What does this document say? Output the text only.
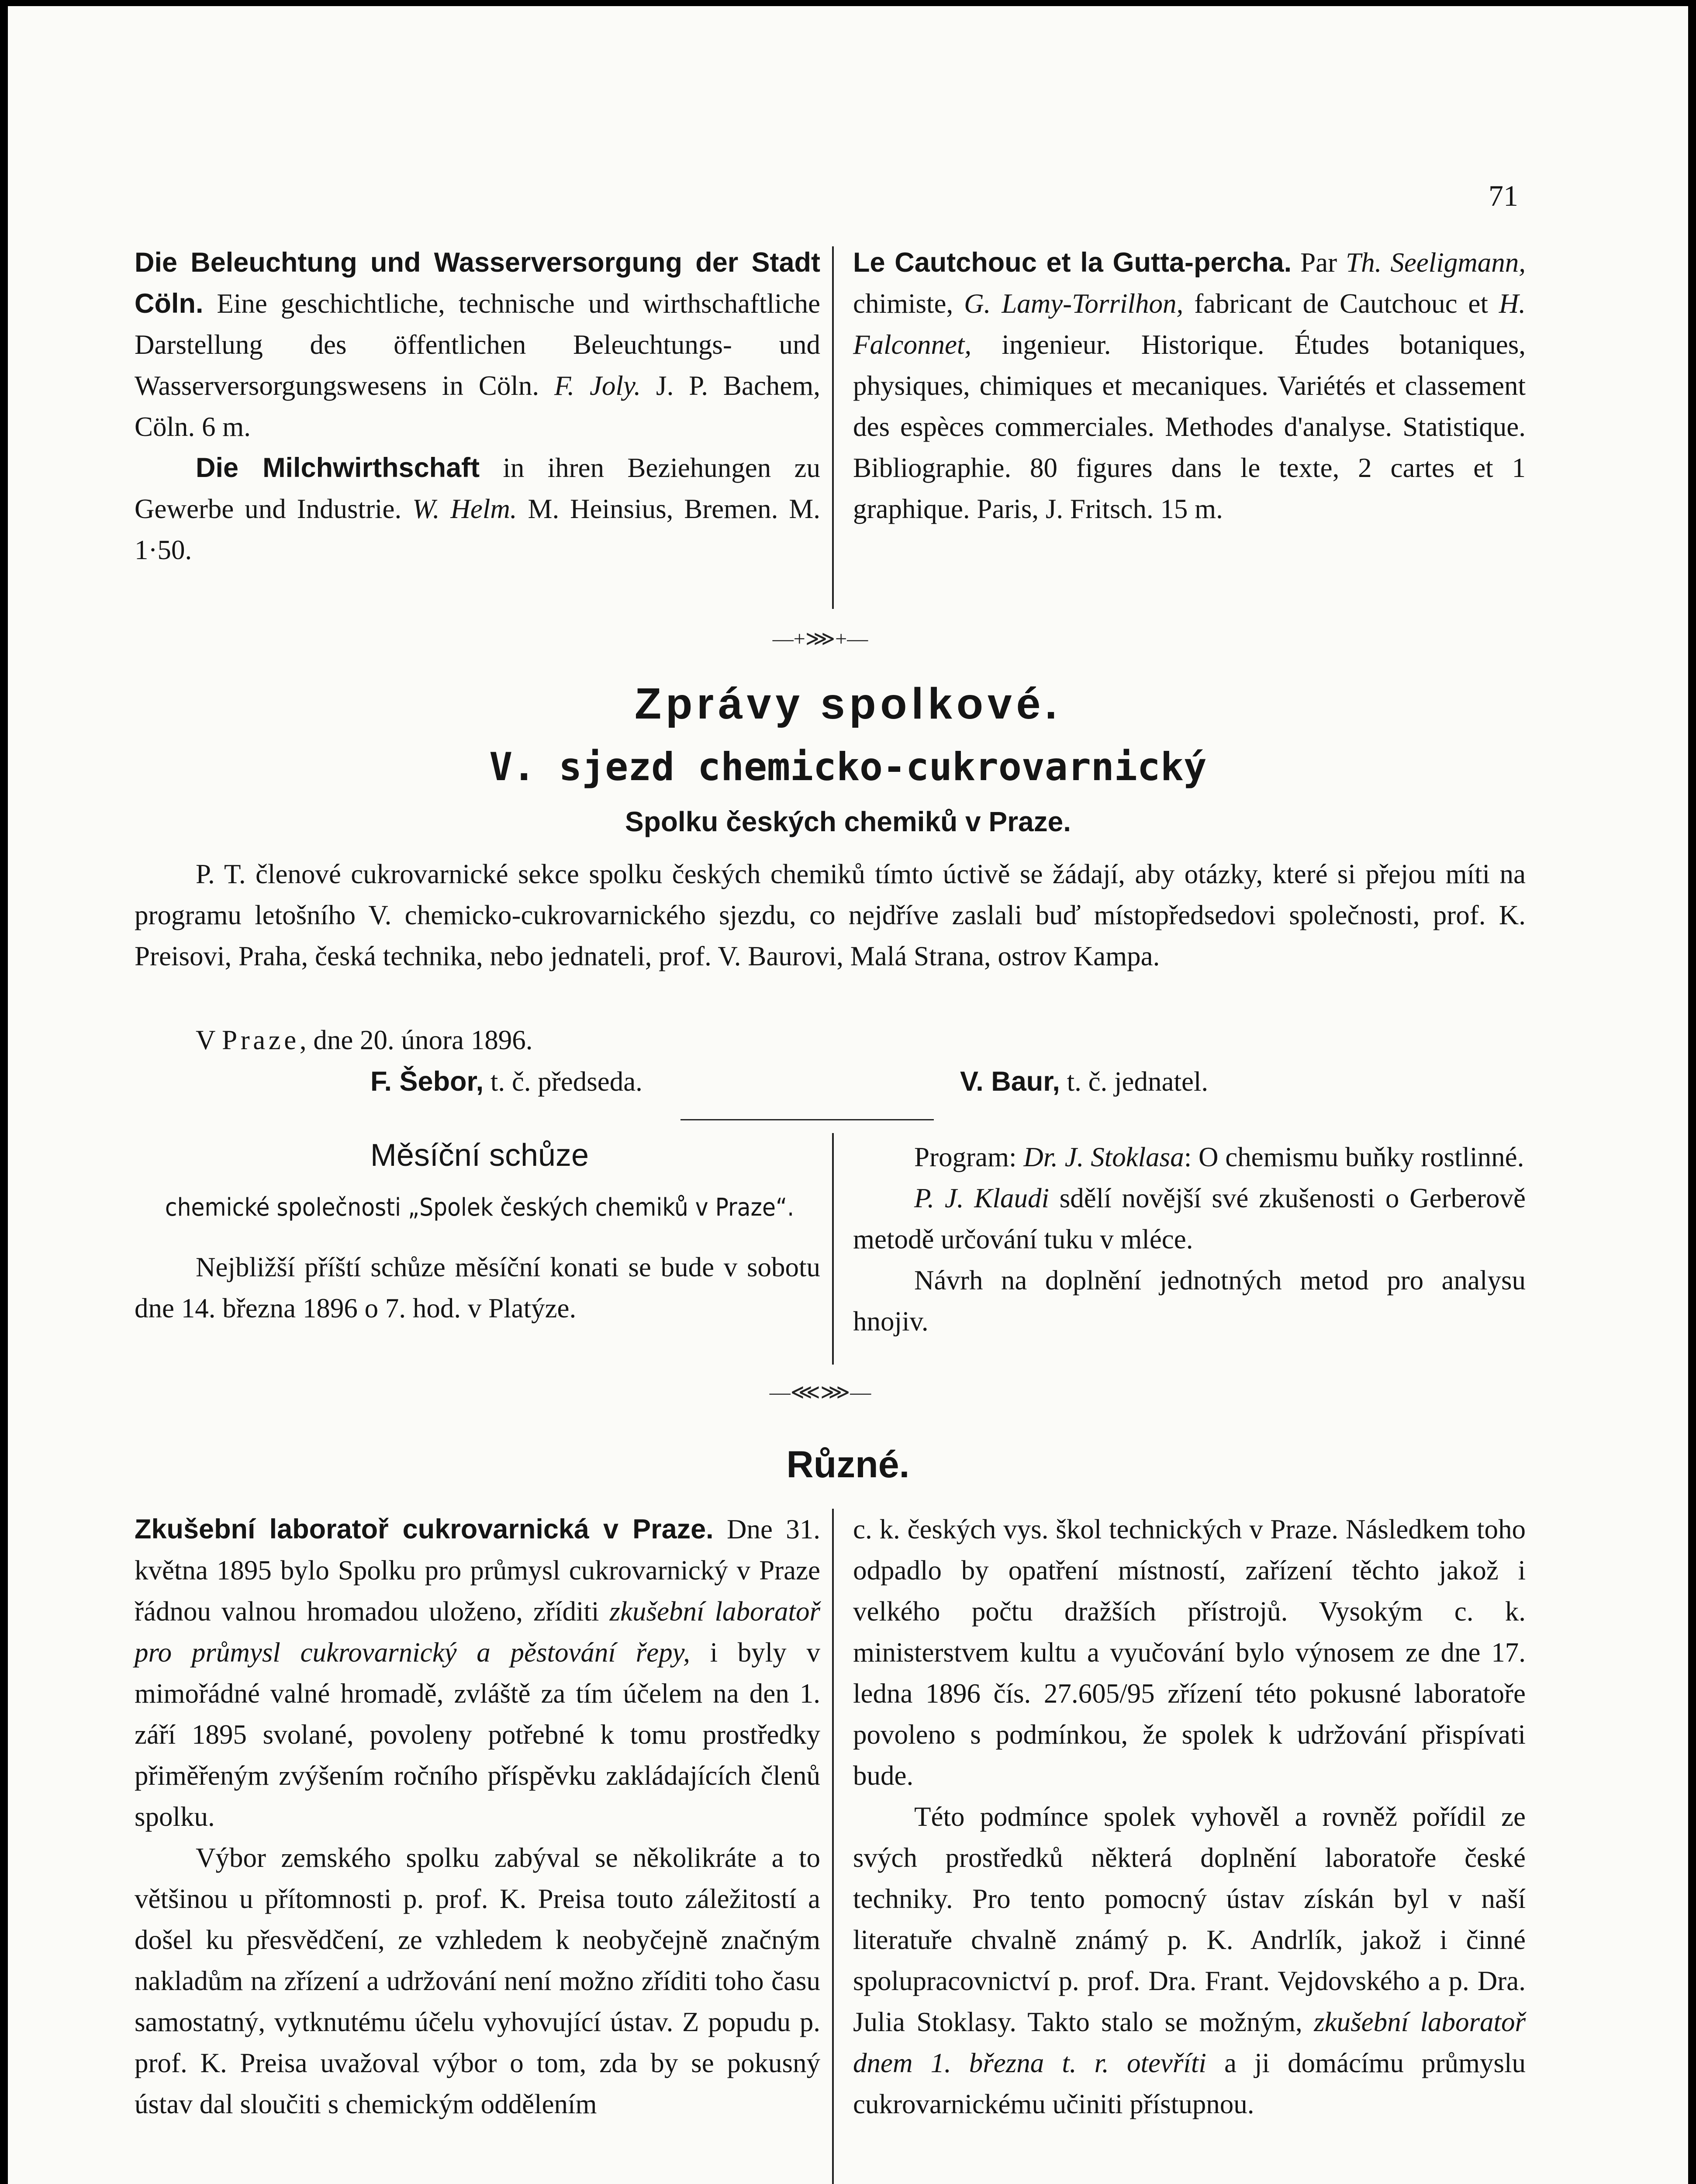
71

Die Beleuchtung und Wasserversorgung der Stadt Cöln. Eine geschichtliche, technische und wirthschaftliche Darstellung des öffentlichen Beleuchtungs- und Wasserversorgungswesens in Cöln. F. Joly. J. P. Bachem, Cöln. 6 m.

Die Milchwirthschaft in ihren Beziehungen zu Gewerbe und Industrie. W. Helm. M. Heinsius, Bremen. M. 1·50.

Le Cautchouc et la Gutta-percha. Par Th. Seeligmann, chimiste, G. Lamy-Torrilhon, fabricant de Cautchouc et H. Falconnet, ingenieur. Historique. Études botaniques, physiques, chimiques et mecaniques. Variétés et classement des espèces commerciales. Methodes d'analyse. Statistique. Bibliographie. 80 figures dans le texte, 2 cartes et 1 graphique. Paris, J. Fritsch. 15 m.

—+⋙+—
Zprávy spolkové.
V. sjezd chemicko-cukrovarnický
Spolku českých chemiků v Praze.

P. T. členové cukrovarnické sekce spolku českých chemiků tímto úctivě se žádají, aby otázky, které si přejou míti na programu letošního V. chemicko-cukrovarnického sjezdu, co nejdříve zaslali buď místopředsedovi společnosti, prof. K. Preisovi, Praha, česká technika, nebo jednateli, prof. V. Baurovi, Malá Strana, ostrov Kampa.

V Praze, dne 20. února 1896.
F. Šebor, t. č. předseda.	V. Baur, t. č. jednatel.
Měsíční schůze
chemické společnosti „Spolek českých chemiků v Praze“.

Nejbližší příští schůze měsíční konati se bude v sobotu dne 14. března 1896 o 7. hod. v Platýze.

Program: Dr. J. Stoklasa: O chemismu buňky rostlinné.

P. J. Klaudi sdělí novější své zkušenosti o Gerberově metodě určování tuku v mléce.

Návrh na doplnění jednotných metod pro analysu hnojiv.

—⋘⋙—
Různé.

Zkušební laboratoř cukrovarnická v Praze. Dne 31. května 1895 bylo Spolku pro průmysl cukrovarnický v Praze řádnou valnou hromadou uloženo, zříditi zkušební laboratoř pro průmysl cukrovarnický a pěstování řepy, i byly v mimořádné valné hromadě, zvláště za tím účelem na den 1. září 1895 svolané, povoleny potřebné k tomu prostředky přiměřeným zvýšením ročního příspěvku zakládajících členů spolku.

Výbor zemského spolku zabýval se několikráte a to většinou u přítomnosti p. prof. K. Preisa touto záležitostí a došel ku přesvědčení, ze vzhledem k neobyčejně značným nakladům na zřízení a udržování není možno zříditi toho času samostatný, vytknutému účelu vyhovující ústav. Z popudu p. prof. K. Preisa uvažoval výbor o tom, zda by se pokusný ústav dal sloučiti s chemickým oddělením

c. k. českých vys. škol technických v Praze. Následkem toho odpadlo by opatření místností, zařízení těchto jakož i velkého počtu dražších přístrojů. Vysokým c. k. ministerstvem kultu a vyučování bylo výnosem ze dne 17. ledna 1896 čís. 27.605/95 zřízení této pokusné laboratoře povoleno s podmínkou, že spolek k udržování přispívati bude.

Této podmínce spolek vyhověl a rovněž pořídil ze svých prostředků některá doplnění laboratoře české techniky. Pro tento pomocný ústav získán byl v naší literatuře chvalně známý p. K. Andrlík, jakož i činné spolupracovnictví p. prof. Dra. Frant. Vejdovského a p. Dra. Julia Stoklasy. Takto stalo se možným, zkušební laboratoř dnem 1. března t. r. otevříti a ji domácímu průmyslu cukrovarnickému učiniti přístupnou.
